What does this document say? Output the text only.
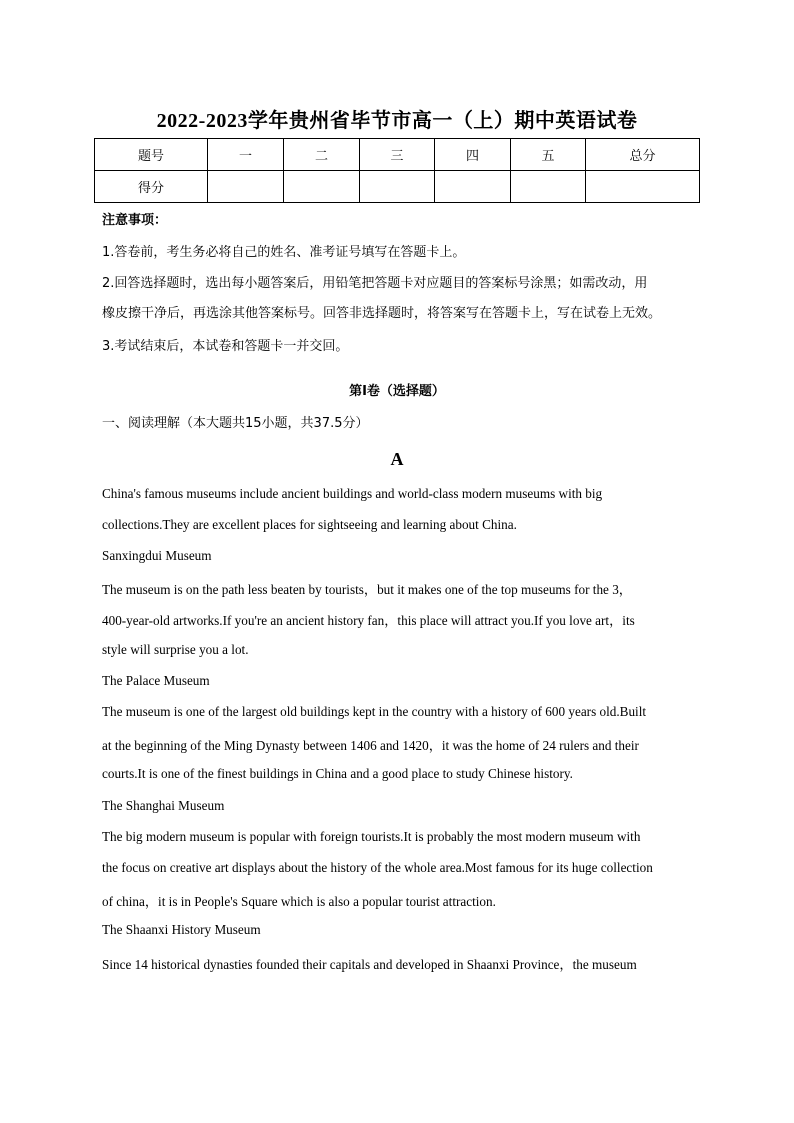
2022-2023学年贵州省毕节市高一（上）期中英语试卷
题号	一	二	三	四	五	总分
得分						
注意事项：
1.答卷前，考生务必将自己的姓名、准考证号填写在答题卡上。
2.回答选择题时，选出每小题答案后，用铅笔把答题卡对应题目的答案标号涂黑；如需改动，用
橡皮擦干净后，再选涂其他答案标号。回答非选择题时，将答案写在答题卡上，写在试卷上无效。
3.考试结束后，本试卷和答题卡一并交回。
第I卷（选择题）
一、阅读理解（本大题共15小题，共37.5分）
A
China's famous museums include ancient buildings and world-class modern museums with big
collections.They are excellent places for sightseeing and learning about China.
Sanxingdui Museum
The museum is on the path less beaten by tourists，but it makes one of the top museums for the 3，
400-year-old artworks.If you're an ancient history fan，this place will attract you.If you love art，its
style will surprise you a lot.
The Palace Museum
The museum is one of the largest old buildings kept in the country with a history of 600 years old.Built
at the beginning of the Ming Dynasty between 1406 and 1420，it was the home of 24 rulers and their
courts.It is one of the finest buildings in China and a good place to study Chinese history.
The Shanghai Museum
The big modern museum is popular with foreign tourists.It is probably the most modern museum with
the focus on creative art displays about the history of the whole area.Most famous for its huge collection
of china，it is in People's Square which is also a popular tourist attraction.
The Shaanxi History Museum
Since 14 historical dynasties founded their capitals and developed in Shaanxi Province，the museum
